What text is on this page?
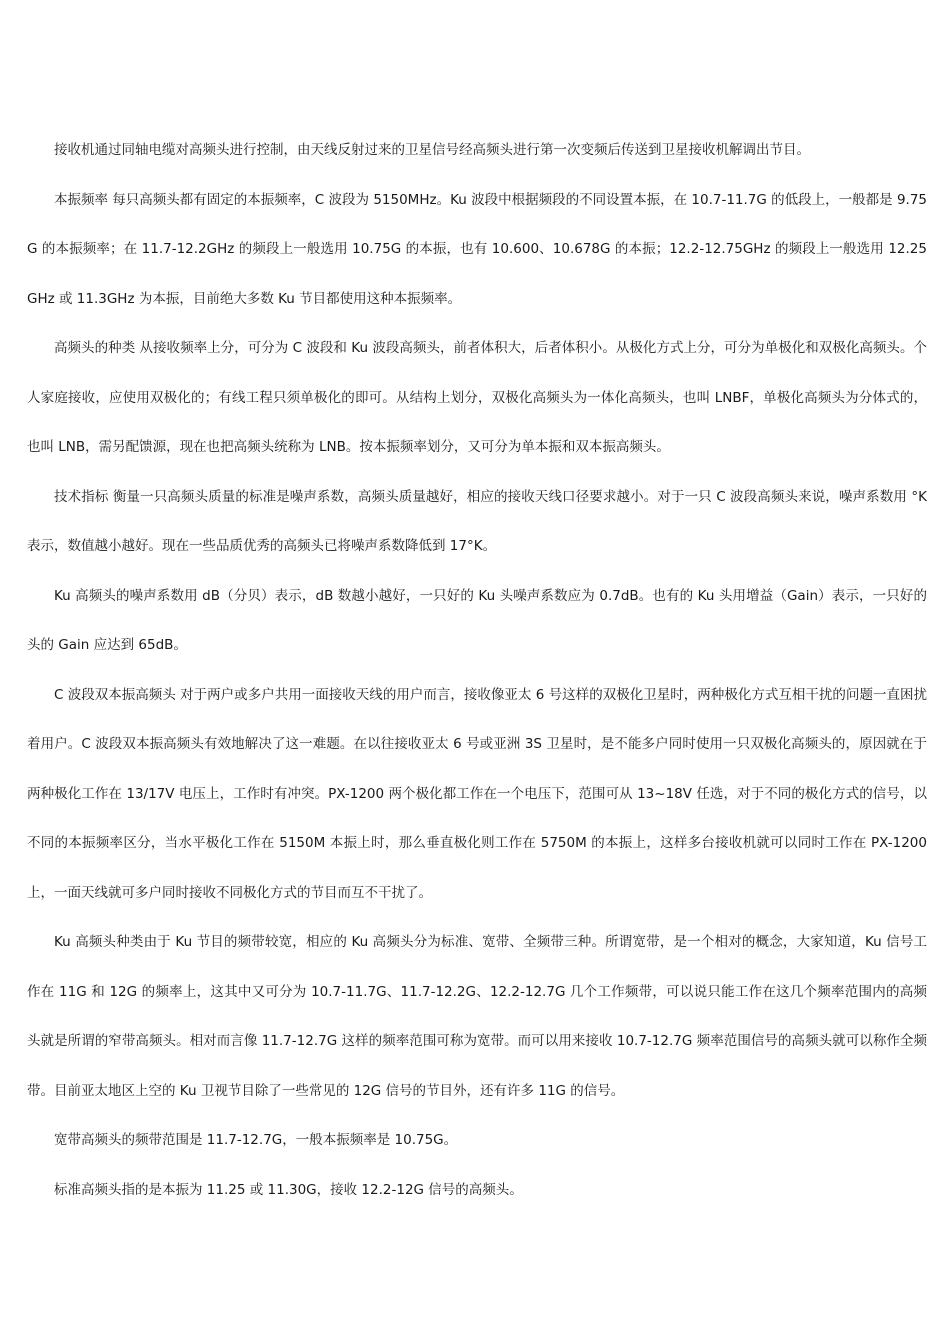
接收机通过同轴电缆对高频头进行控制，由天线反射过来的卫星信号经高频头进行第一次变频后传送到卫星接收机解调出节目。

本振频率 每只高频头都有固定的本振频率，C 波段为 5150MHz。Ku 波段中根据频段的不同设置本振，在 10.7-11.7G 的低段上，一般都是 9.75G 的本振频率；在 11.7-12.2GHz 的频段上一般选用 10.75G 的本振，也有 10.600、10.678G 的本振；12.2-12.75GHz 的频段上一般选用 12.25GHz 或 11.3GHz 为本振，目前绝大多数 Ku 节目都使用这种本振频率。

高频头的种类 从接收频率上分，可分为 C 波段和 Ku 波段高频头，前者体积大，后者体积小。从极化方式上分，可分为单极化和双极化高频头。个人家庭接收，应使用双极化的；有线工程只须单极化的即可。从结构上划分，双极化高频头为一体化高频头，也叫 LNBF，单极化高频头为分体式的，也叫 LNB，需另配馈源，现在也把高频头统称为 LNB。按本振频率划分，又可分为单本振和双本振高频头。

技术指标 衡量一只高频头质量的标准是噪声系数，高频头质量越好，相应的接收天线口径要求越小。对于一只 C 波段高频头来说，噪声系数用 °K 表示，数值越小越好。现在一些品质优秀的高频头已将噪声系数降低到 17°K。

Ku 高频头的噪声系数用 dB（分贝）表示，dB 数越小越好，一只好的 Ku 头噪声系数应为 0.7dB。也有的 Ku 头用增益（Gain）表示，一只好的头的 Gain 应达到 65dB。

C 波段双本振高频头 对于两户或多户共用一面接收天线的用户而言，接收像亚太 6 号这样的双极化卫星时，两种极化方式互相干扰的问题一直困扰着用户。C 波段双本振高频头有效地解决了这一难题。在以往接收亚太 6 号或亚洲 3S 卫星时，是不能多户同时使用一只双极化高频头的，原因就在于两种极化工作在 13/17V 电压上，工作时有冲突。PX-1200 两个极化都工作在一个电压下，范围可从 13~18V 任选，对于不同的极化方式的信号，以不同的本振频率区分，当水平极化工作在 5150M 本振上时，那么垂直极化则工作在 5750M 的本振上，这样多台接收机就可以同时工作在 PX-1200 上，一面天线就可多户同时接收不同极化方式的节目而互不干扰了。

Ku 高频头种类由于 Ku 节目的频带较宽，相应的 Ku 高频头分为标准、宽带、全频带三种。所谓宽带，是一个相对的概念，大家知道，Ku 信号工作在 11G 和 12G 的频率上，这其中又可分为 10.7-11.7G、11.7-12.2G、12.2-12.7G 几个工作频带，可以说只能工作在这几个频率范围内的高频头就是所谓的窄带高频头。相对而言像 11.7-12.7G 这样的频率范围可称为宽带。而可以用来接收 10.7-12.7G 频率范围信号的高频头就可以称作全频带。目前亚太地区上空的 Ku 卫视节目除了一些常见的 12G 信号的节目外，还有许多 11G 的信号。

宽带高频头的频带范围是 11.7-12.7G，一般本振频率是 10.75G。

标准高频头指的是本振为 11.25 或 11.30G，接收 12.2-12G 信号的高频头。
